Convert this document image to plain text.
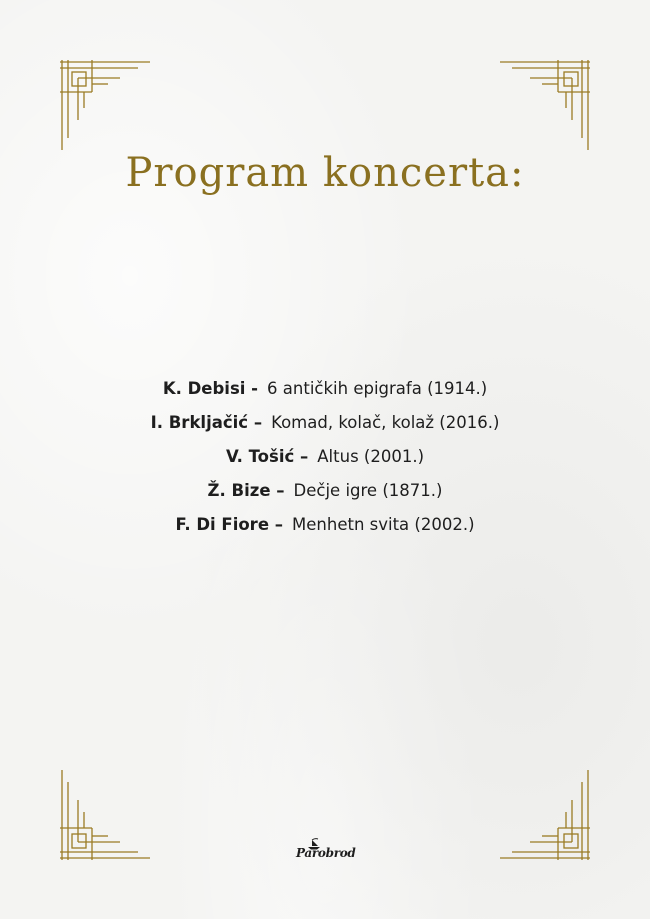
Program koncerta:
K. Debisi - 6 antičkih epigrafa (1914.)
I. Brkljačić – Komad, kolač, kolaž (2016.)
V. Tošić – Altus (2001.)
Ž. Bize – Dečje igre (1871.)
F. Di Fiore – Menhetn svita (2002.)
Parobrod
